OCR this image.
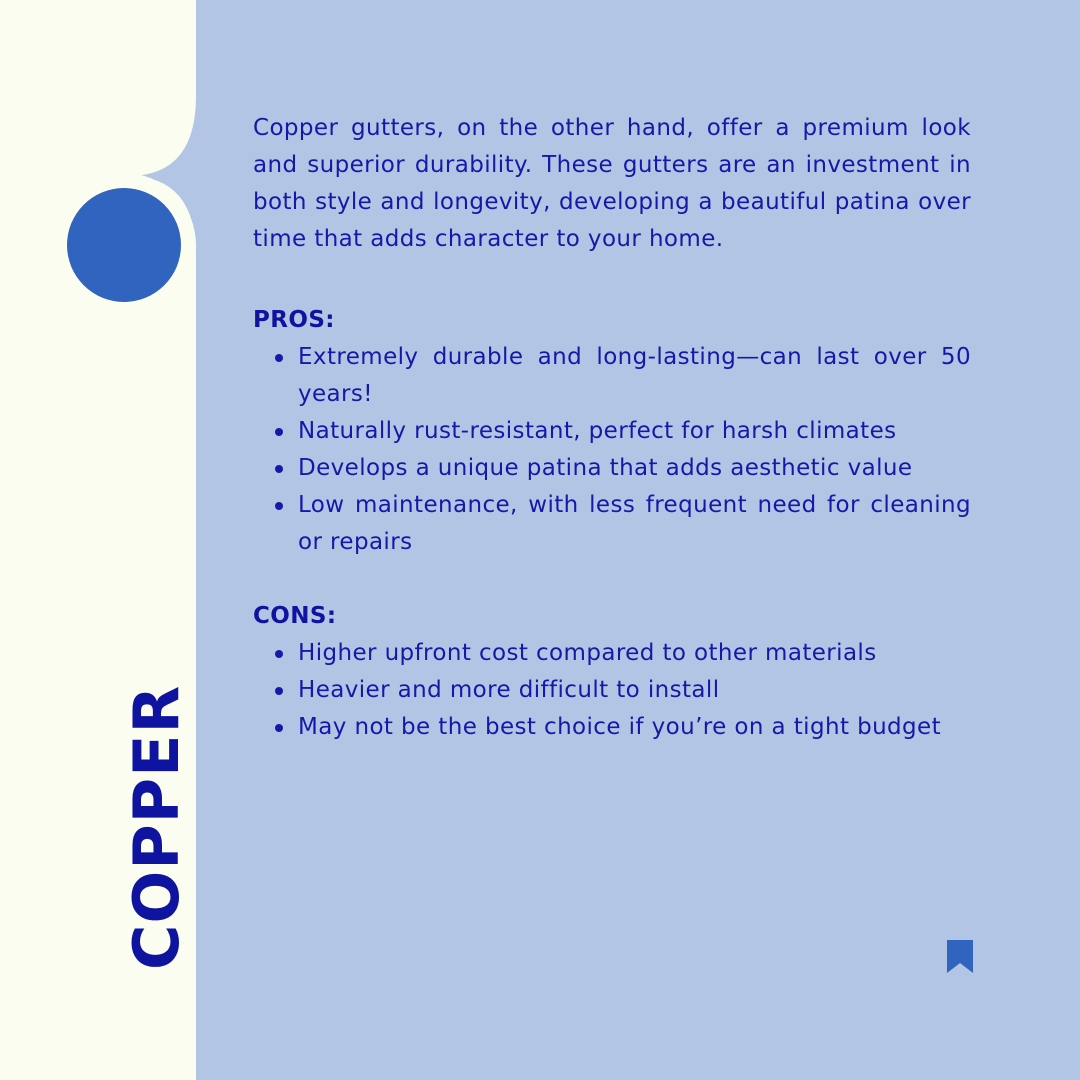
COPPER

Copper gutters, on the other hand, offer a premium look and superior durability. These gutters are an investment in both style and longevity, developing a beautiful patina over time that adds character to your home.

PROS:
Extremely durable and long-lasting—can last over 50 years!
Naturally rust-resistant, perfect for harsh climates
Develops a unique patina that adds aesthetic value
Low maintenance, with less frequent need for cleaning or repairs
CONS:
Higher upfront cost compared to other materials
Heavier and more difficult to install
May not be the best choice if you’re on a tight budget
